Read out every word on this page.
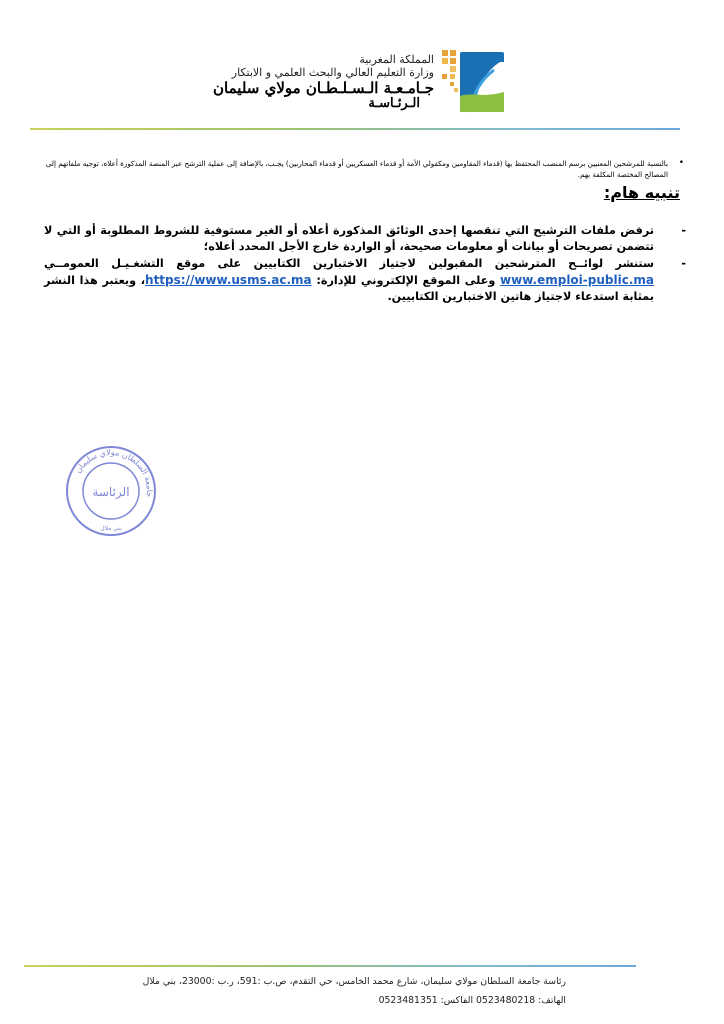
المملكة المغربية
وزارة التعليم العالي والبحث العلمي و الابتكار
جـامـعـة الـسـلـطـان مولاي سليمان
الـرئـاسـة
•
بالنسبة للمرشحين المعنيين برسم المنصب المحتفظ بها (قدماء المقاومين ومكفولي الأمة أو قدماء العسكريين أو قدماء المحاربين) يجـب، بالإضافة إلى عملية الترشح عبر المنصة المذكورة أعلاه، توجيه ملفاتهم إلى المصالح المختصة المكلفة بهم.
تنبيه هام:
-
ترفض ملفات الترشيح التي تنقصها إحدى الوثائق المذكورة أعلاه أو الغير مستوفية للشروط المطلوبة أو التي لا تتضمن تصريحات أو بيانات أو معلومات صحيحة، أو الواردة خارج الأجل المحدد أعلاه؛
-
ستنشر لوائــح المترشحين المقبولين لاجتياز الاختبارين الكتابيين على موقع التشغـيـل العمومــي www.emploi-public.ma وعلى الموقع الإلكتروني للإدارة: https://www.usms.ac.ma، ويعتبر هذا النشر بمثابة استدعاء لاجتياز هاتين الاختبارين الكتابيين.
جامعة السلطان مولاي سليمان
الرئاسة
بني ملال
رئاسة جامعة السلطان مولاي سليمان، شارع محمد الخامس، حي التقدم، ص.ب :591، ر.ب :23000، بني ملال
الهاتف: 0523480218 الفاكس: 0523481351
